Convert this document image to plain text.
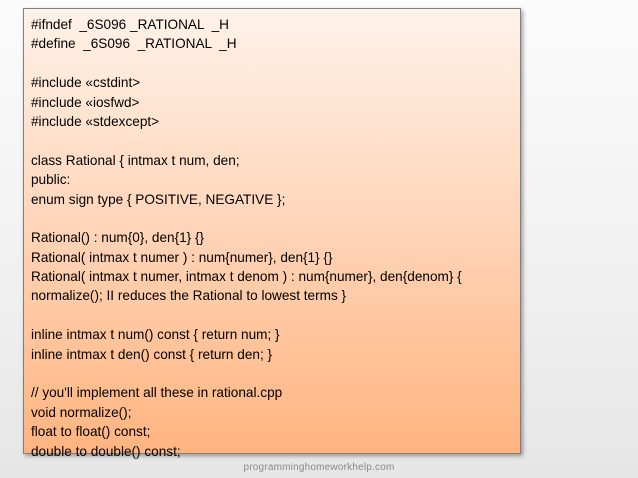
#ifndef  _6S096 _RATIONAL  _H
#define  _6S096  _RATIONAL  _H
#include «cstdint>
#include «iosfwd>
#include «stdexcept>
class Rational { intmax t num, den;
public:
enum sign type { POSITIVE, NEGATIVE };
Rational() : num{0}, den{1} {}
Rational( intmax t numer ) : num{numer}, den{1} {}
Rational( intmax t numer, intmax t denom ) : num{numer}, den{denom} {
normalize(); II reduces the Rational to lowest terms }
inline intmax t num() const { return num; }
inline intmax t den() const { return den; }
// you'll implement all these in rational.cpp
void normalize();
float to float() const;
double to double() const;
programminghomeworkhelp.com
